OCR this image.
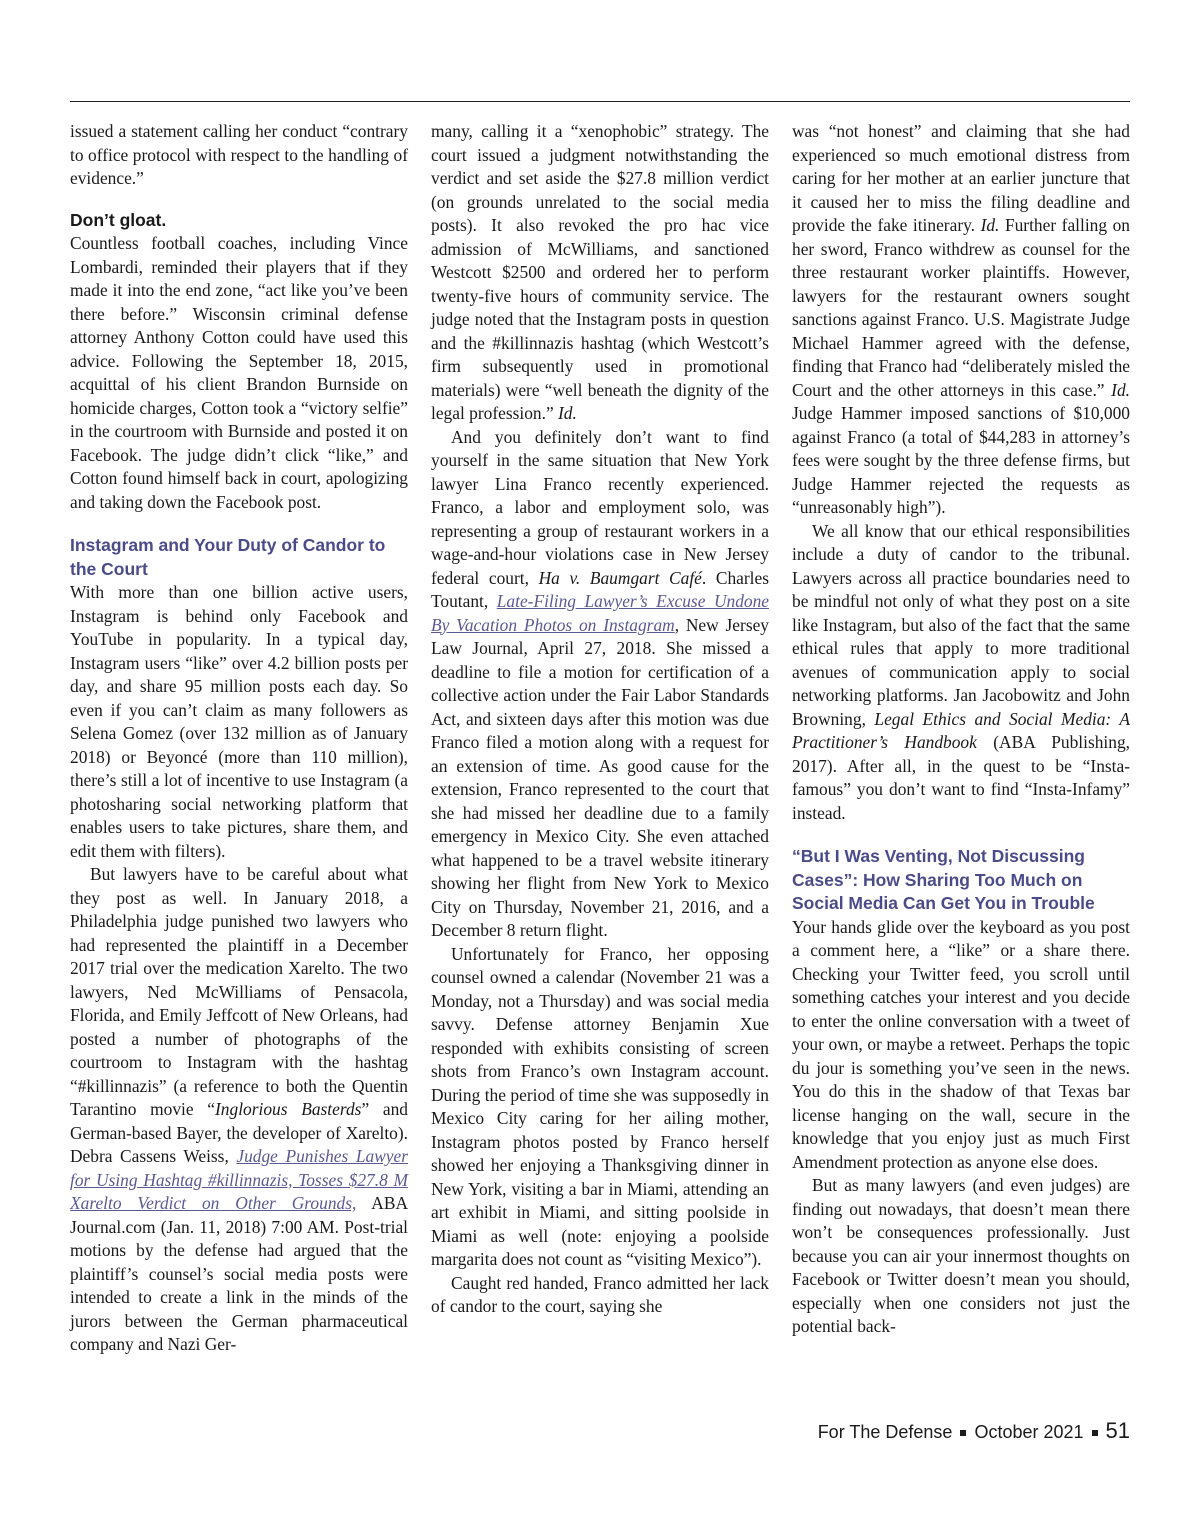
issued a statement calling her conduct “contrary to office protocol with respect to the handling of evidence.”

Don’t gloat.

Countless football coaches, including Vince Lombardi, reminded their players that if they made it into the end zone, “act like you’ve been there before.” Wisconsin criminal defense attorney Anthony Cotton could have used this advice. Following the September 18, 2015, acquittal of his client Brandon Burnside on homicide charges, Cotton took a “victory selfie” in the courtroom with Burnside and posted it on Facebook. The judge didn’t click “like,” and Cotton found himself back in court, apologizing and taking down the Facebook post.

Instagram and Your Duty of Candor to the Court

With more than one billion active users, Instagram is behind only Facebook and YouTube in popularity. In a typical day, Instagram users “like” over 4.2 billion posts per day, and share 95 million posts each day. So even if you can’t claim as many followers as Selena Gomez (over 132 million as of January 2018) or Beyoncé (more than 110 million), there’s still a lot of incentive to use Instagram (a photosharing social networking platform that enables users to take pictures, share them, and edit them with filters).

But lawyers have to be careful about what they post as well. In January 2018, a Philadelphia judge punished two lawyers who had represented the plaintiff in a December 2017 trial over the medication Xarelto. The two lawyers, Ned McWilliams of Pensacola, Florida, and Emily Jeffcott of New Orleans, had posted a number of photographs of the courtroom to Instagram with the hashtag “#killinnazis” (a reference to both the Quentin Tarantino movie “Inglorious Basterds” and German-based Bayer, the developer of Xarelto). Debra Cassens Weiss, Judge Punishes Lawyer for Using Hashtag #killinnazis, Tosses $27.8 M Xarelto Verdict on Other Grounds, ABA Journal.com (Jan. 11, 2018) 7:00 AM. Post-trial motions by the defense had argued that the plaintiff’s counsel’s social media posts were intended to create a link in the minds of the jurors between the German pharmaceutical company and Nazi Ger-

many, calling it a “xenophobic” strategy. The court issued a judgment notwithstanding the verdict and set aside the $27.8 million verdict (on grounds unrelated to the social media posts). It also revoked the pro hac vice admission of McWilliams, and sanctioned Westcott $2500 and ordered her to perform twenty-five hours of community service. The judge noted that the Instagram posts in question and the #killinnazis hashtag (which Westcott’s firm subsequently used in promotional materials) were “well beneath the dignity of the legal profession.” Id.

And you definitely don’t want to find yourself in the same situation that New York lawyer Lina Franco recently experienced. Franco, a labor and employment solo, was representing a group of restaurant workers in a wage-and-hour violations case in New Jersey federal court, Ha v. Baumgart Café. Charles Toutant, Late-Filing Lawyer’s Excuse Undone By Vacation Photos on Instagram, New Jersey Law Journal, April 27, 2018. She missed a deadline to file a motion for certification of a collective action under the Fair Labor Standards Act, and sixteen days after this motion was due Franco filed a motion along with a request for an extension of time. As good cause for the extension, Franco represented to the court that she had missed her deadline due to a family emergency in Mexico City. She even attached what happened to be a travel website itinerary showing her flight from New York to Mexico City on Thursday, November 21, 2016, and a December 8 return flight.

Unfortunately for Franco, her opposing counsel owned a calendar (November 21 was a Monday, not a Thursday) and was social media savvy. Defense attorney Benjamin Xue responded with exhibits consisting of screen shots from Franco’s own Instagram account. During the period of time she was supposedly in Mexico City caring for her ailing mother, Instagram photos posted by Franco herself showed her enjoying a Thanksgiving dinner in New York, visiting a bar in Miami, attending an art exhibit in Miami, and sitting poolside in Miami as well (note: enjoying a poolside margarita does not count as “visiting Mexico”).

Caught red handed, Franco admitted her lack of candor to the court, saying she

was “not honest” and claiming that she had experienced so much emotional distress from caring for her mother at an earlier juncture that it caused her to miss the filing deadline and provide the fake itinerary. Id. Further falling on her sword, Franco withdrew as counsel for the three restaurant worker plaintiffs. However, lawyers for the restaurant owners sought sanctions against Franco. U.S. Magistrate Judge Michael Hammer agreed with the defense, finding that Franco had “deliberately misled the Court and the other attorneys in this case.” Id. Judge Hammer imposed sanctions of $10,000 against Franco (a total of $44,283 in attorney’s fees were sought by the three defense firms, but Judge Hammer rejected the requests as “unreasonably high”).

We all know that our ethical responsibilities include a duty of candor to the tribunal. Lawyers across all practice boundaries need to be mindful not only of what they post on a site like Instagram, but also of the fact that the same ethical rules that apply to more traditional avenues of communication apply to social networking platforms. Jan Jacobowitz and John Browning, Legal Ethics and Social Media: A Practitioner’s Handbook (ABA Publishing, 2017). After all, in the quest to be “Insta-famous” you don’t want to find “Insta-Infamy” instead.

“But I Was Venting, Not Discussing Cases”: How Sharing Too Much on Social Media Can Get You in Trouble

Your hands glide over the keyboard as you post a comment here, a “like” or a share there. Checking your Twitter feed, you scroll until something catches your interest and you decide to enter the online conversation with a tweet of your own, or maybe a retweet. Perhaps the topic du jour is something you’ve seen in the news. You do this in the shadow of that Texas bar license hanging on the wall, secure in the knowledge that you enjoy just as much First Amendment protection as anyone else does.

But as many lawyers (and even judges) are finding out nowadays, that doesn’t mean there won’t be consequences professionally. Just because you can air your innermost thoughts on Facebook or Twitter doesn’t mean you should, especially when one considers not just the potential back-

For The Defense October 2021 51
